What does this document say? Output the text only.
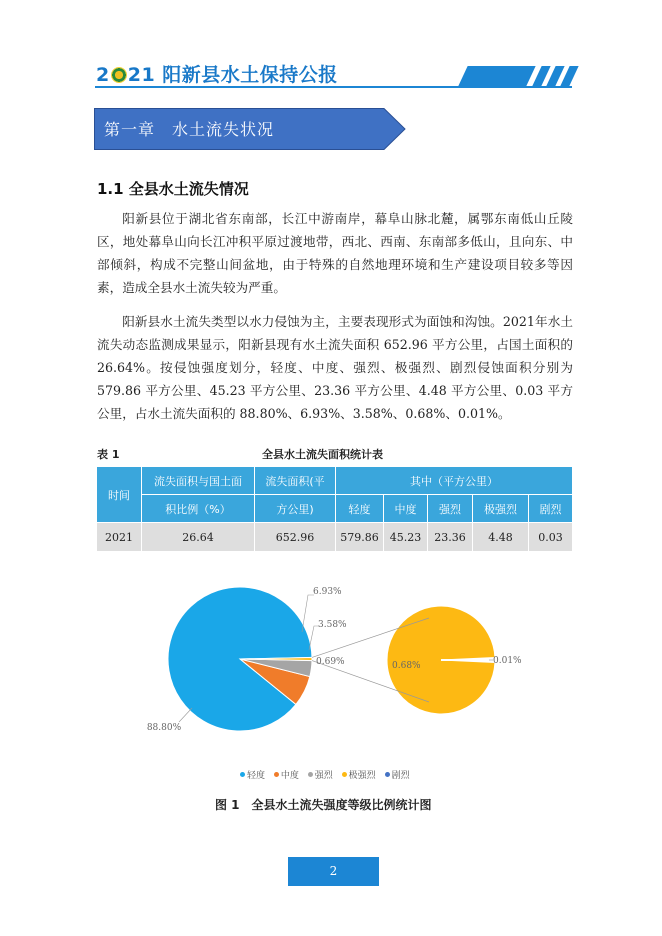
2 21 阳新县水土保持公报
第一章　水土流失状况
1.1 全县水土流失情况
阳新县位于湖北省东南部，长江中游南岸，幕阜山脉北麓，属鄂东南低山丘陵区，地处幕阜山向长江冲积平原过渡地带，西北、西南、东南部多低山，且向东、中部倾斜，构成不完整山间盆地，由于特殊的自然地理环境和生产建设项目较多等因素，造成全县水土流失较为严重。
阳新县水土流失类型以水力侵蚀为主，主要表现形式为面蚀和沟蚀。2021年水土流失动态监测成果显示，阳新县现有水土流失面积 652.96 平方公里，占国土面积的 26.64%。按侵蚀强度划分，轻度、中度、强烈、极强烈、剧烈侵蚀面积分别为 579.86 平方公里、45.23 平方公里、23.36 平方公里、4.48 平方公里、0.03 平方公里，占水土流失面积的 88.80%、6.93%、3.58%、0.68%、0.01%。
表 1	全县水土流失面积统计表
时间	流失面积与国土面	流失面积(平	其中（平方公里）				
	积比例（%）	方公里)	轻度	中度	强烈	极强烈	剧烈
2021	26.64	652.96	579.86	45.23	23.36	4.48	0.03
6.93%
3.58%
0.69%
88.80%
0.68%	0.01%
轻度 中度 强烈 极强烈 剧烈
图 1　全县水土流失强度等级比例统计图
2
